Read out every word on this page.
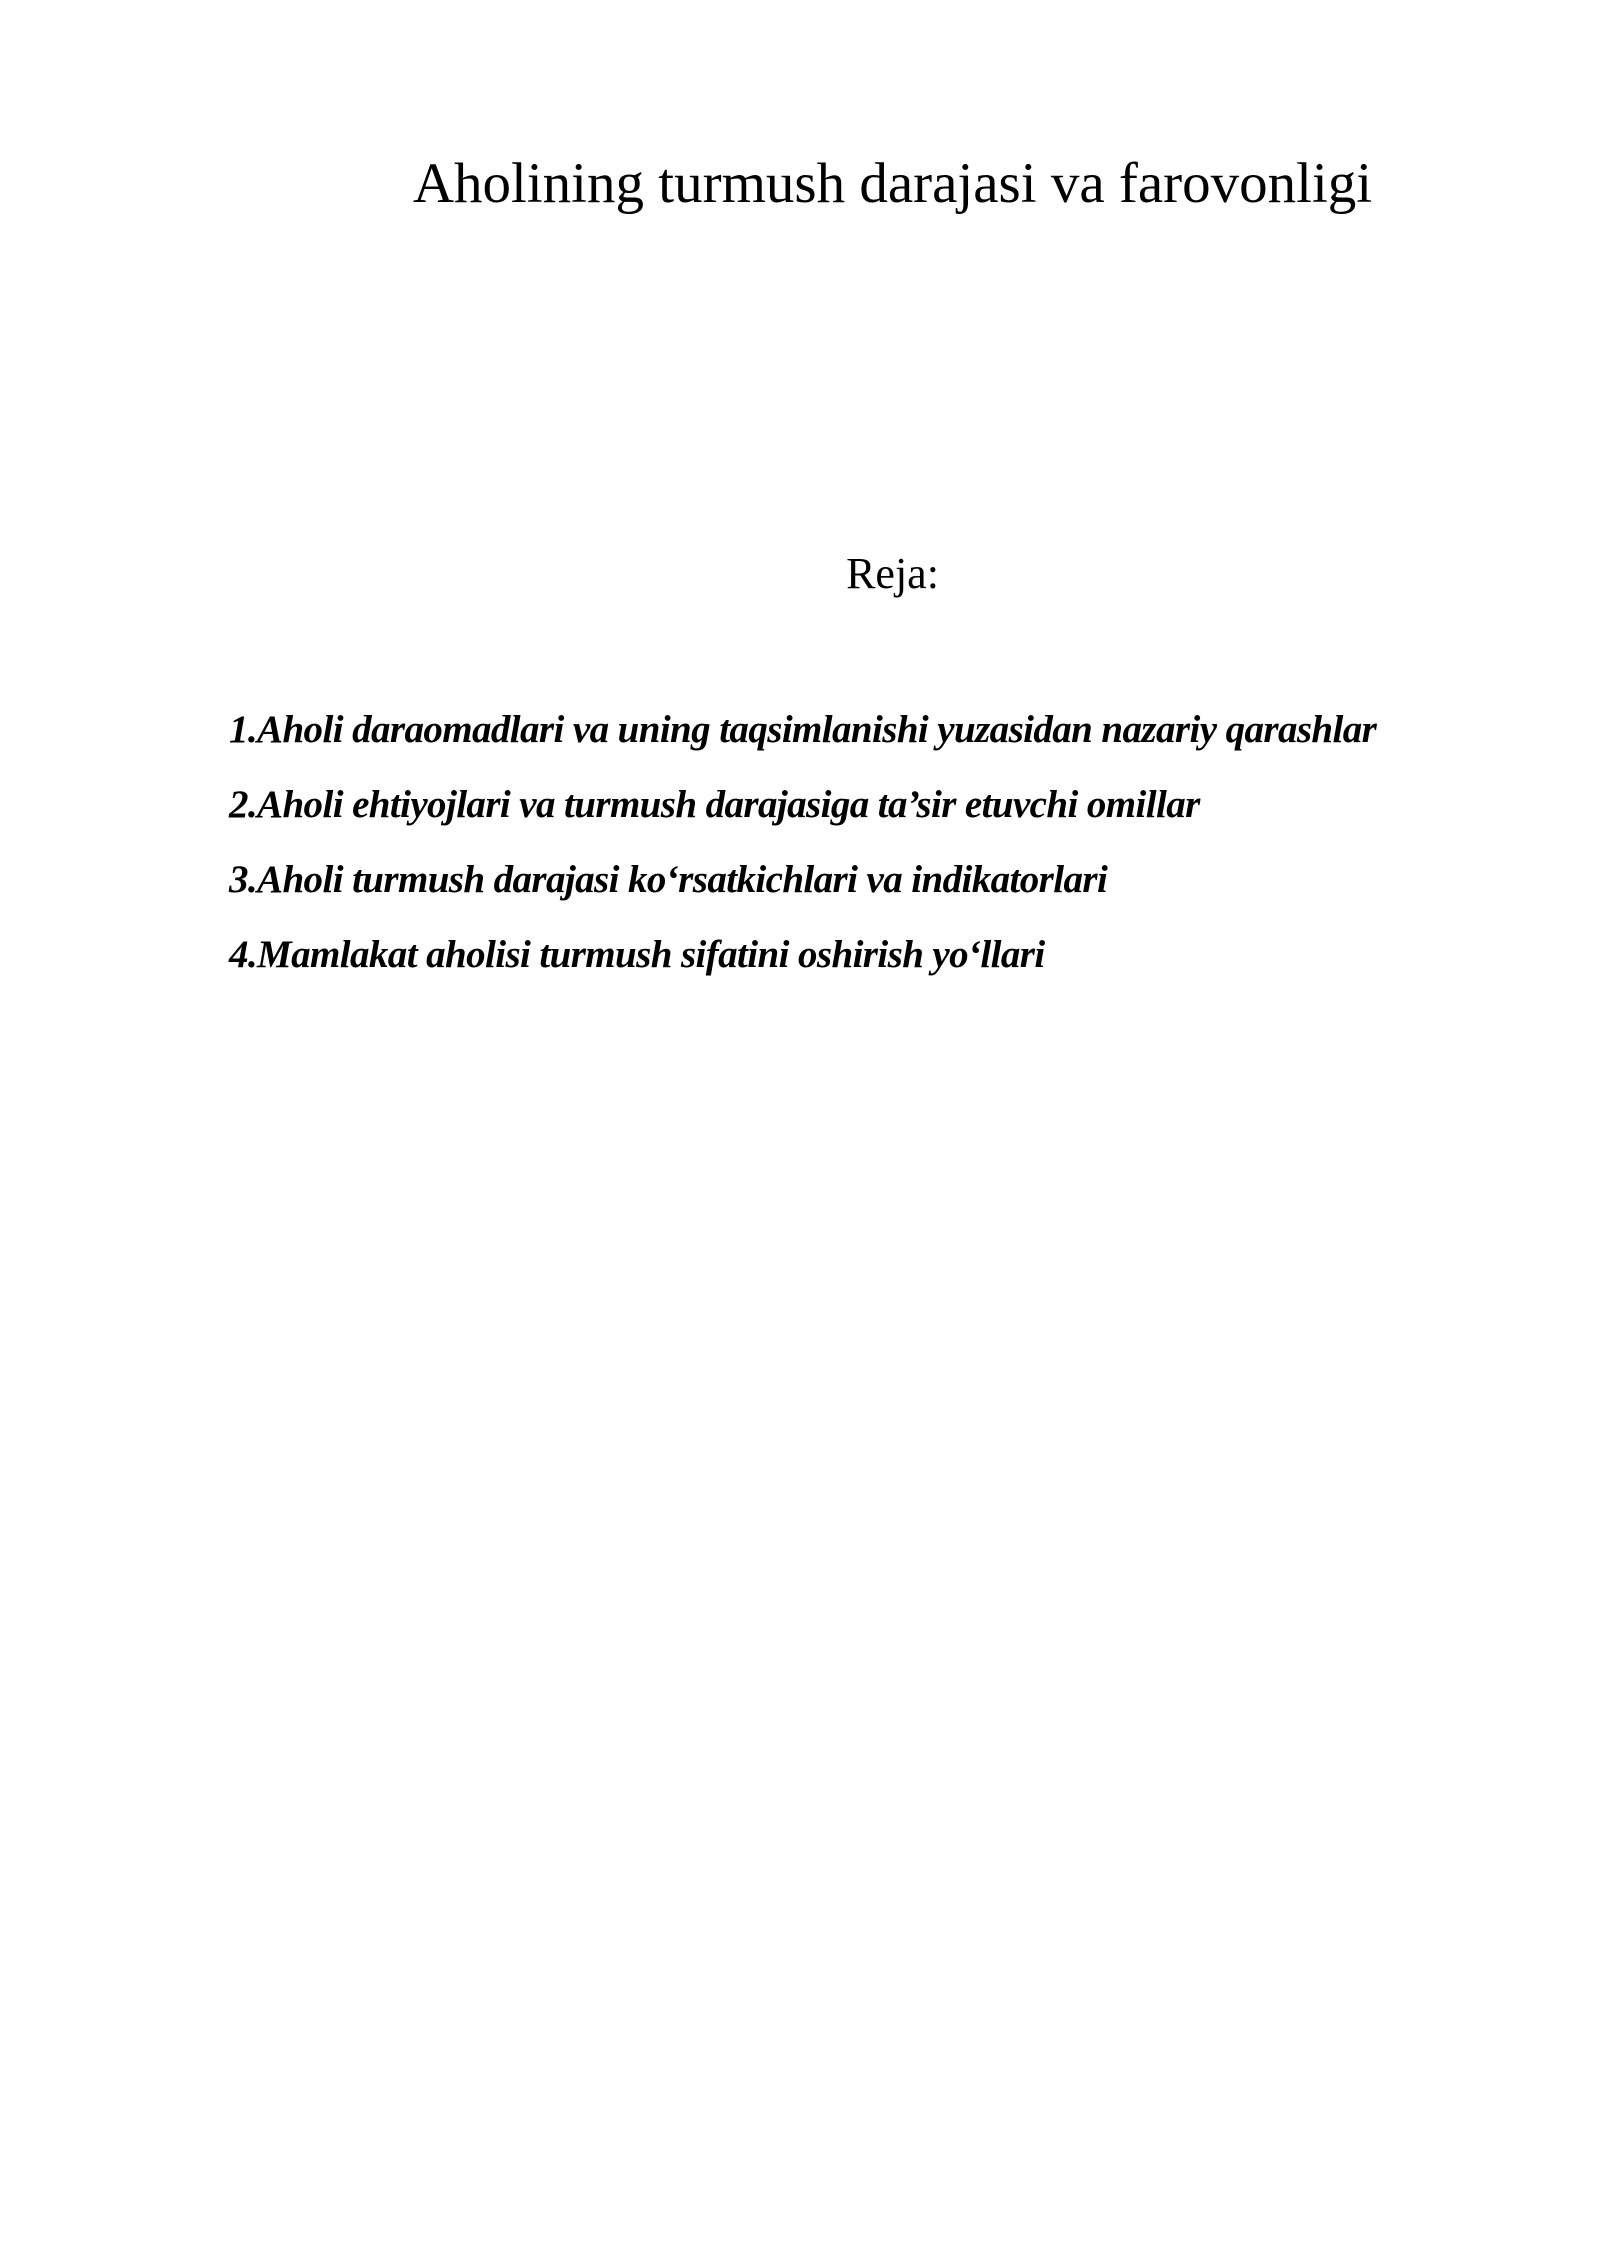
Aholining turmush darajasi va farovonligi
Reja:
1.Aholi daraomadlari va uning taqsimlanishi yuzasidan nazariy qarashlar
2.Aholi ehtiyojlari va turmush darajasiga ta’sir etuvchi omillar
3.Aholi turmush darajasi ko‘rsatkichlari va indikatorlari
4.Mamlakat aholisi turmush sifatini oshirish yo‘llari
